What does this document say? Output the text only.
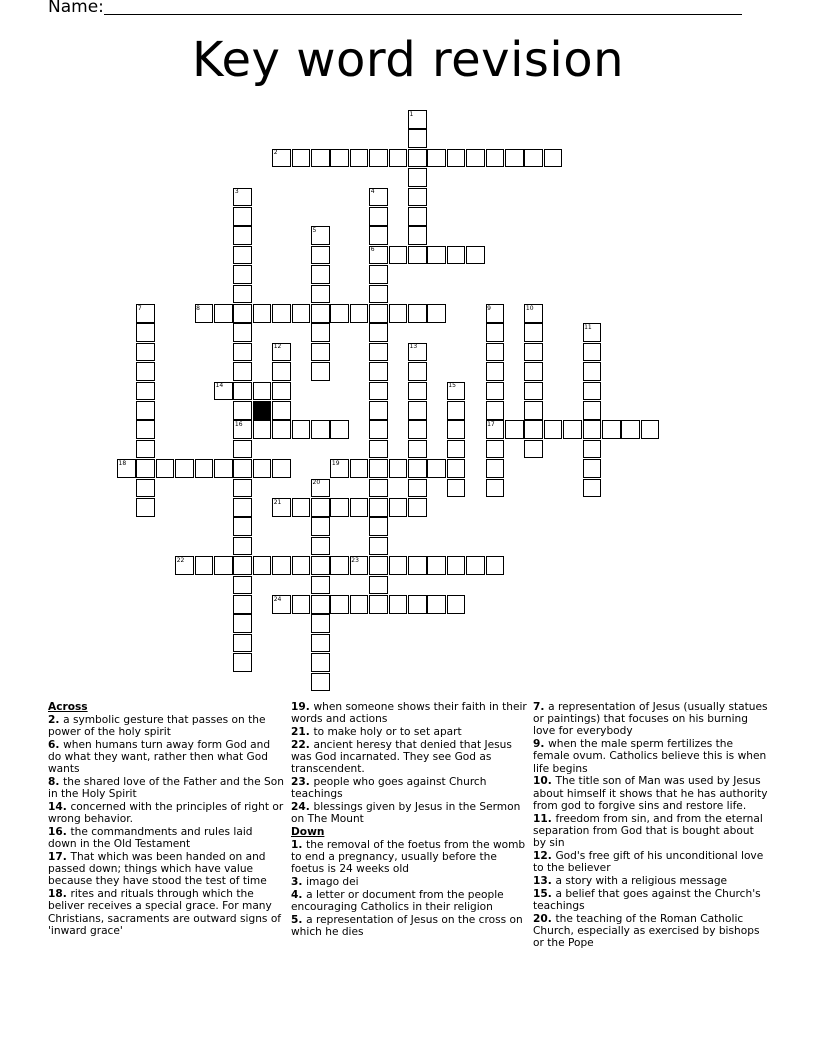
Name:
Key word revision
2
6
8
14
16	17
18	19
21
22	23
24
1
3	4
5
7	9	10
11
12	13
15
20

Across

2. a symbolic gesture that passes on the power of the holy spirit

6. when humans turn away form God and do what they want, rather then what God wants

8. the shared love of the Father and the Son in the Holy Spirit

14. concerned with the principles of right or wrong behavior.

16. the commandments and rules laid down in the Old Testament

17. That which was been handed on and passed down; things which have value because they have stood the test of time

18. rites and rituals through which the beliver receives a special grace. For many Christians, sacraments are outward signs of 'inward grace'

19. when someone shows their faith in their words and actions

21. to make holy or to set apart

22. ancient heresy that denied that Jesus was God incarnated. They see God as transcendent.

23. people who goes against Church teachings

24. blessings given by Jesus in the Sermon on The Mount

Down

1. the removal of the foetus from the womb to end a pregnancy, usually before the foetus is 24 weeks old

3. imago dei

4. a letter or document from the people encouraging Catholics in their religion

5. a representation of Jesus on the cross on which he dies

7. a representation of Jesus (usually statues or paintings) that focuses on his burning love for everybody

9. when the male sperm fertilizes the female ovum. Catholics believe this is when life begins

10. The title son of Man was used by Jesus about himself it shows that he has authority from god to forgive sins and restore life.

11. freedom from sin, and from the eternal separation from God that is bought about by sin

12. God's free gift of his unconditional love to the believer

13. a story with a religious message

15. a belief that goes against the Church's teachings

20. the teaching of the Roman Catholic Church, especially as exercised by bishops or the Pope
